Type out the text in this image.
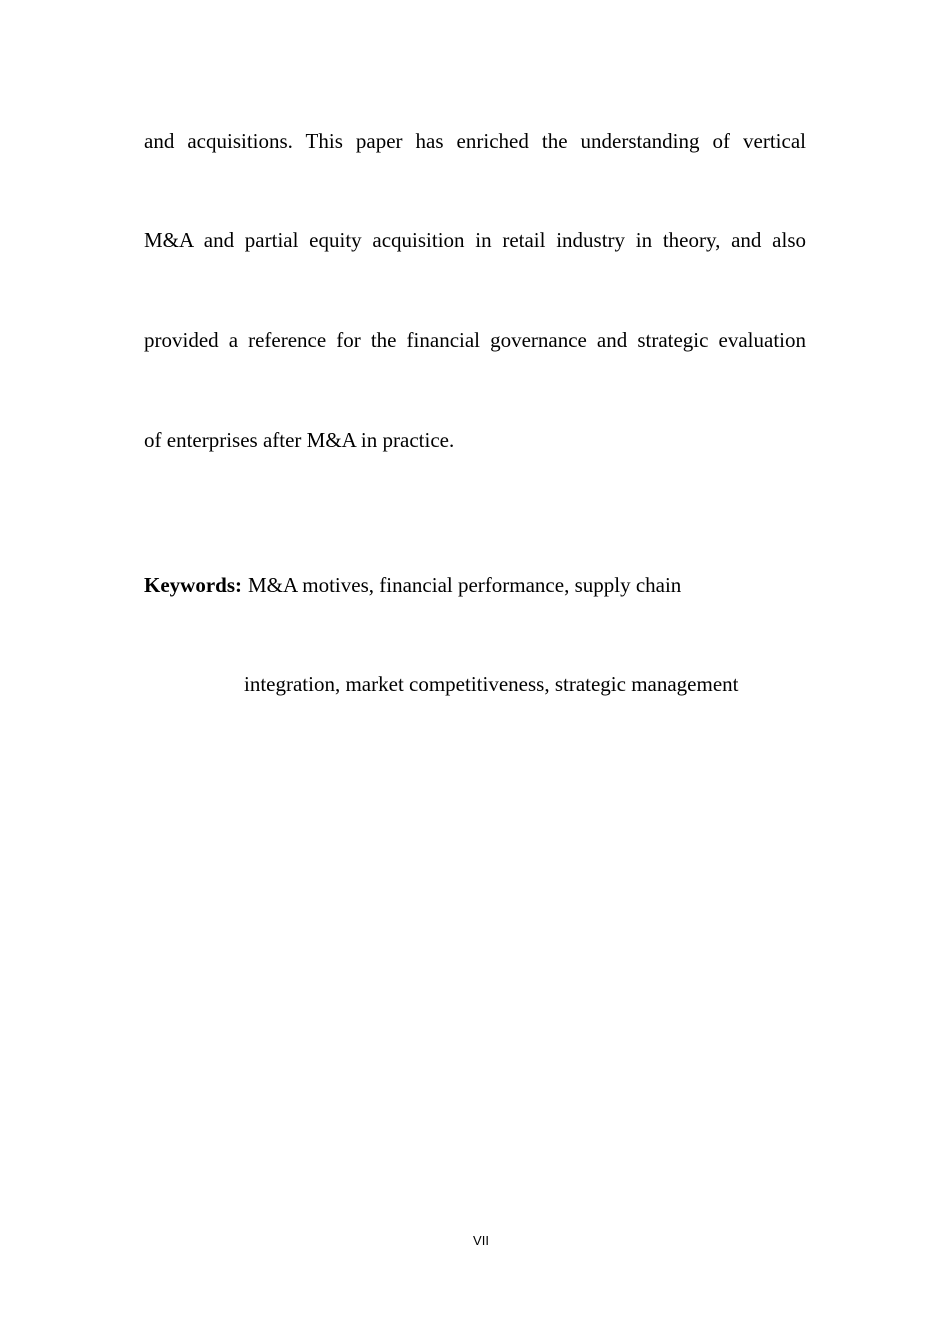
and acquisitions. This paper has enriched the understanding of vertical
M&A and partial equity acquisition in retail industry in theory, and also
provided a reference for the financial governance and strategic evaluation
of enterprises after M&A in practice.
Keywords: M&A motives, financial performance, supply chain
integration, market competitiveness, strategic management
VII
